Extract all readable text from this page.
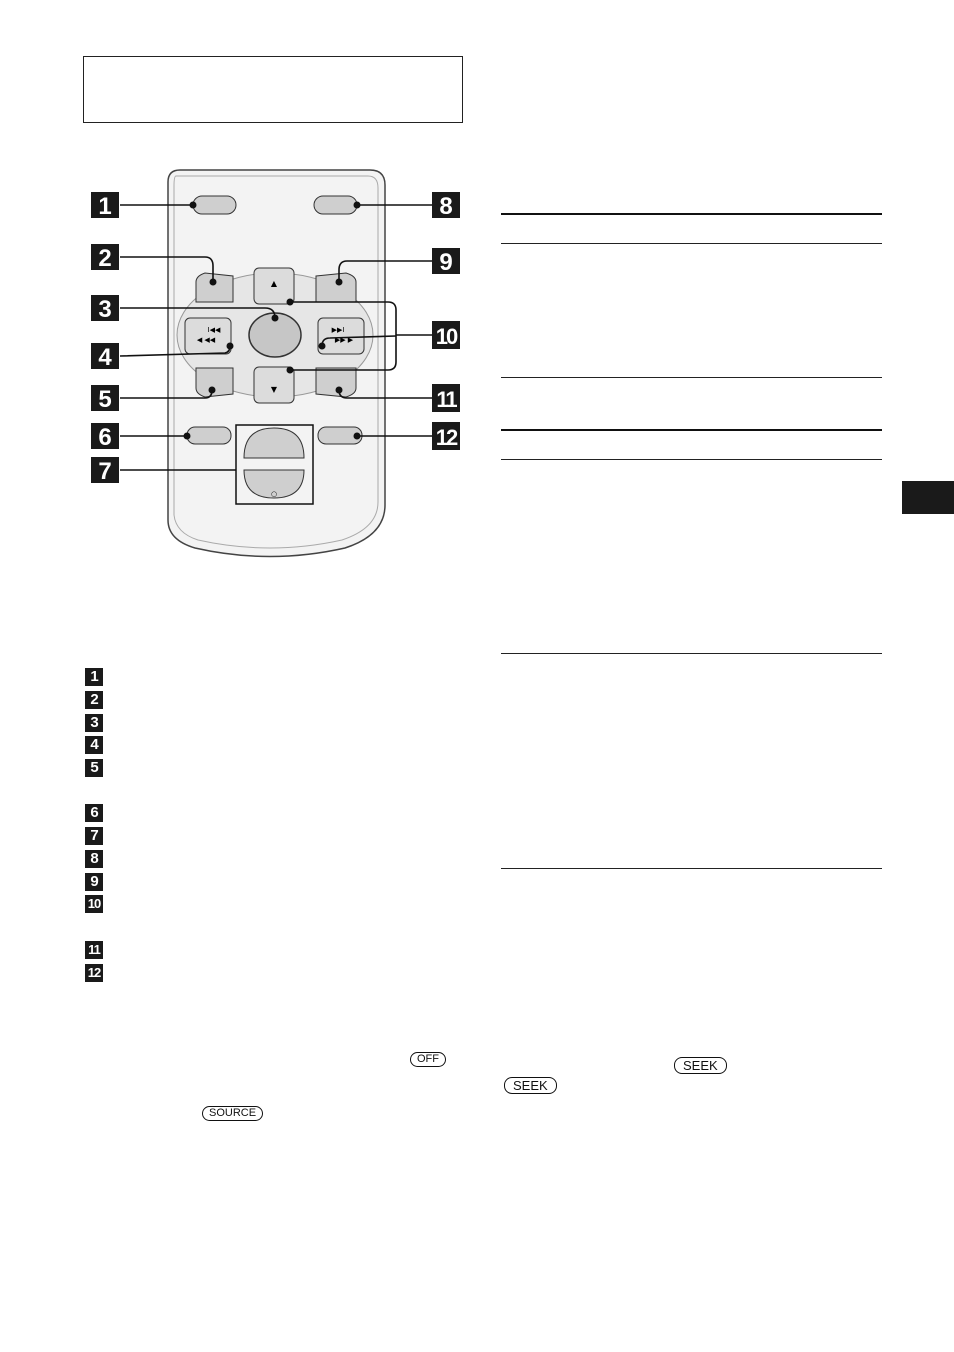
▲
▼
I◀◀
◀ ◀◀
▶▶I
▶▶ ▶
○
1
2
3
4
5
6
7
8
9
10
11
12
1
2
3
4
5
6
7
8
9
10
11
12
OFF
SOURCE
SEEK
SEEK
